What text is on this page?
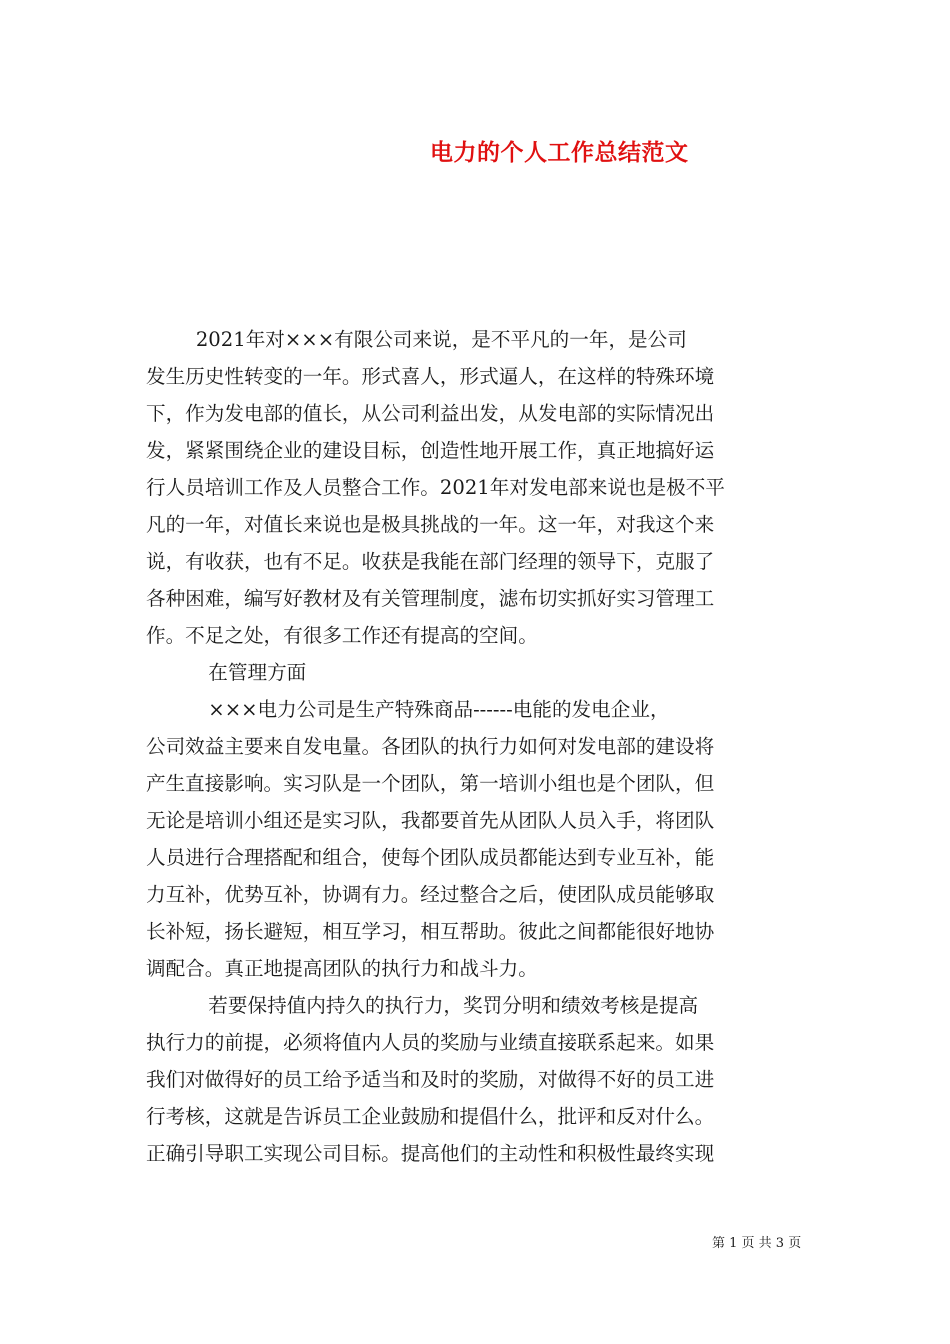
电力的个人工作总结范文
2021年对×××有限公司来说，是不平凡的一年，是公司
发生历史性转变的一年。形式喜人，形式逼人，在这样的特殊环境
下，作为发电部的值长，从公司利益出发，从发电部的实际情况出
发，紧紧围绕企业的建设目标，创造性地开展工作，真正地搞好运
行人员培训工作及人员整合工作。2021年对发电部来说也是极不平
凡的一年，对值长来说也是极具挑战的一年。这一年，对我这个来
说，有收获，也有不足。收获是我能在部门经理的领导下，克服了
各种困难，编写好教材及有关管理制度，滤布切实抓好实习管理工
作。不足之处，有很多工作还有提高的空间。
在管理方面
×××电力公司是生产特殊商品------电能的发电企业，
公司效益主要来自发电量。各团队的执行力如何对发电部的建设将
产生直接影响。实习队是一个团队，第一培训小组也是个团队，但
无论是培训小组还是实习队，我都要首先从团队人员入手，将团队
人员进行合理搭配和组合，使每个团队成员都能达到专业互补，能
力互补，优势互补，协调有力。经过整合之后，使团队成员能够取
长补短，扬长避短，相互学习，相互帮助。彼此之间都能很好地协
调配合。真正地提高团队的执行力和战斗力。
若要保持值内持久的执行力，奖罚分明和绩效考核是提高
执行力的前提，必须将值内人员的奖励与业绩直接联系起来。如果
我们对做得好的员工给予适当和及时的奖励，对做得不好的员工进
行考核，这就是告诉员工企业鼓励和提倡什么，批评和反对什么。
正确引导职工实现公司目标。提高他们的主动性和积极性最终实现
第 1 页 共 3 页
